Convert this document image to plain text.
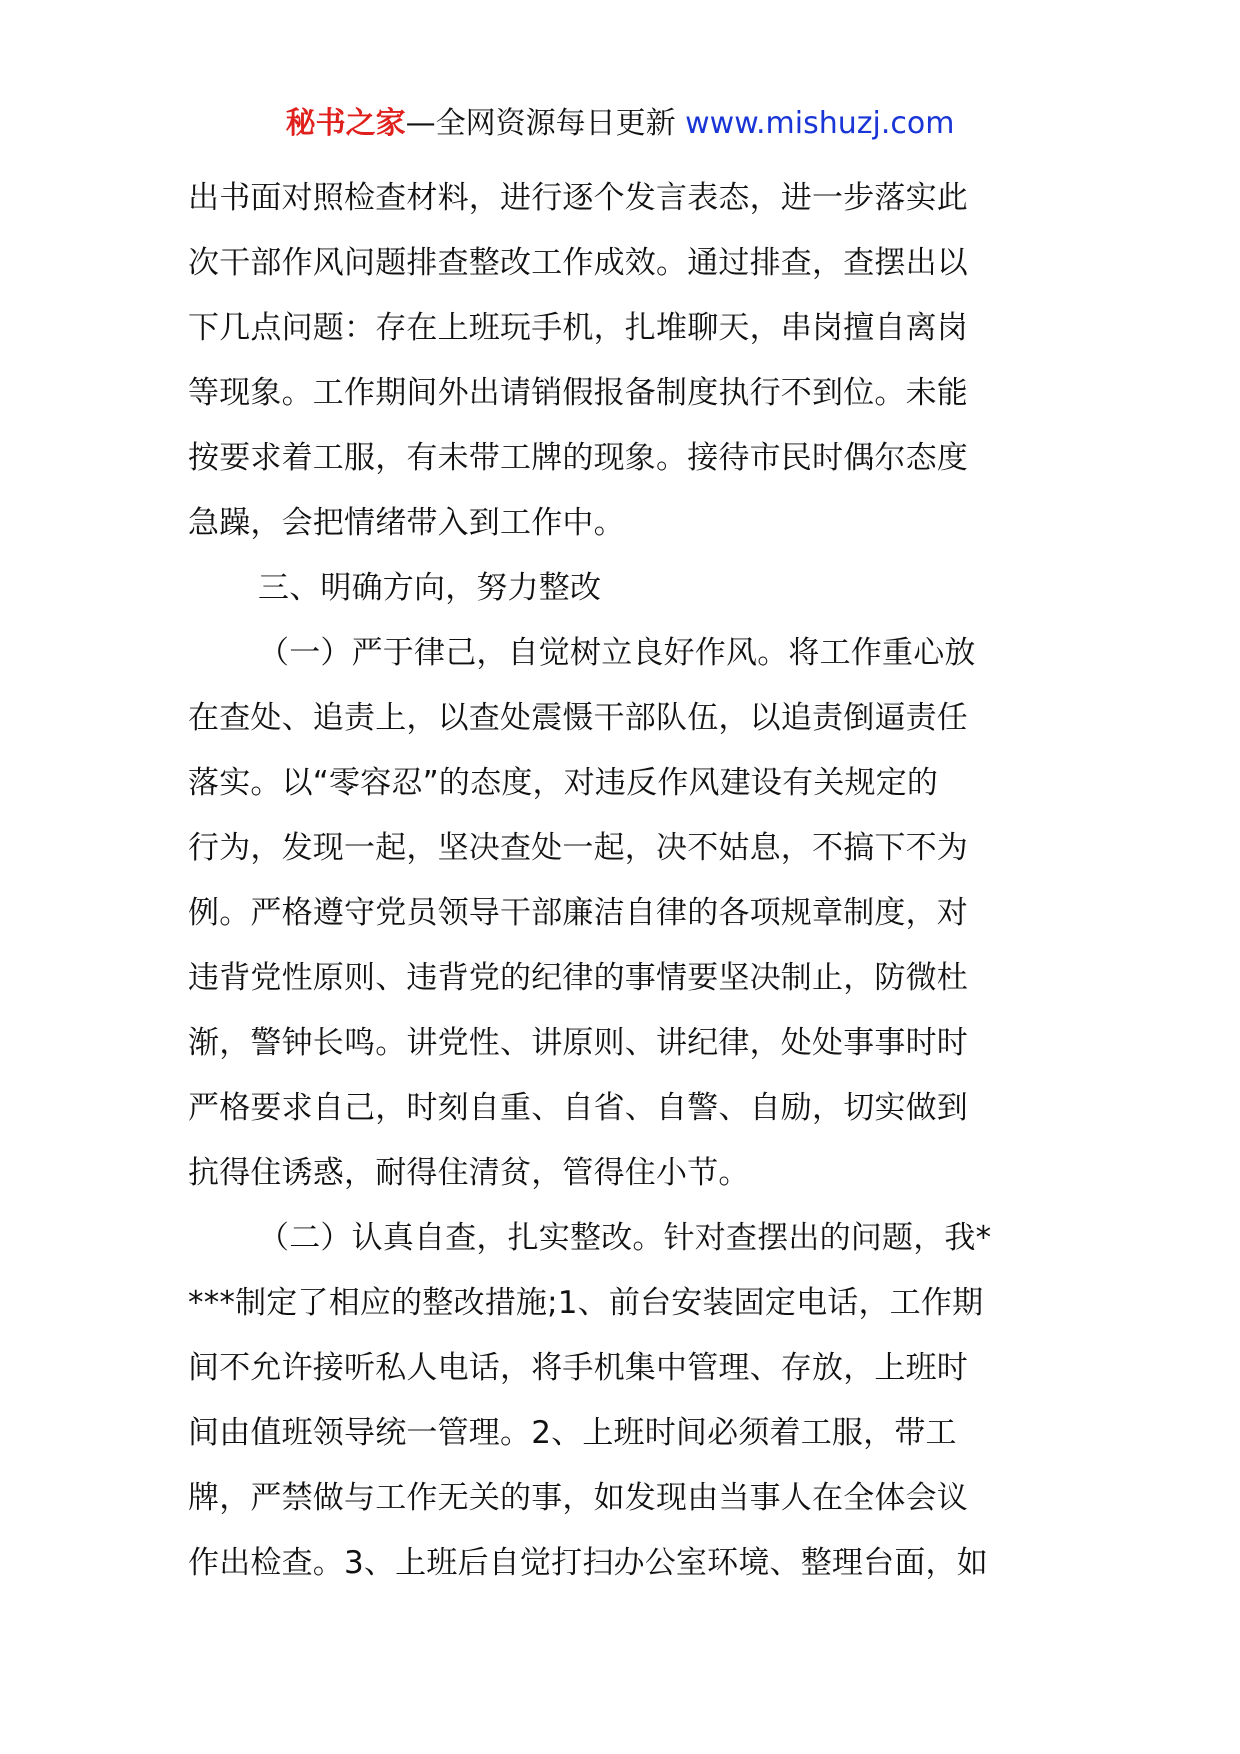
秘书之家—全网资源每日更新 www.mishuzj.com
出书面对照检查材料，进行逐个发言表态，进一步落实此
次干部作风问题排查整改工作成效。通过排查，查摆出以
下几点问题：存在上班玩手机，扎堆聊天，串岗擅自离岗
等现象。工作期间外出请销假报备制度执行不到位。未能
按要求着工服，有未带工牌的现象。接待市民时偶尔态度
急躁，会把情绪带入到工作中。
三、明确方向，努力整改
（一）严于律己，自觉树立良好作风。将工作重心放
在查处、追责上，以查处震慑干部队伍，以追责倒逼责任
落实。以“零容忍”的态度，对违反作风建设有关规定的
行为，发现一起，坚决查处一起，决不姑息，不搞下不为
例。严格遵守党员领导干部廉洁自律的各项规章制度，对
违背党性原则、违背党的纪律的事情要坚决制止，防微杜
渐，警钟长鸣。讲党性、讲原则、讲纪律，处处事事时时
严格要求自己，时刻自重、自省、自警、自励，切实做到
抗得住诱惑，耐得住清贫，管得住小节。
（二）认真自查，扎实整改。针对查摆出的问题，我*
***制定了相应的整改措施;1、前台安装固定电话，工作期
间不允许接听私人电话，将手机集中管理、存放，上班时
间由值班领导统一管理。2、上班时间必须着工服，带工
牌，严禁做与工作无关的事，如发现由当事人在全体会议
作出检查。3、上班后自觉打扫办公室环境、整理台面，如
